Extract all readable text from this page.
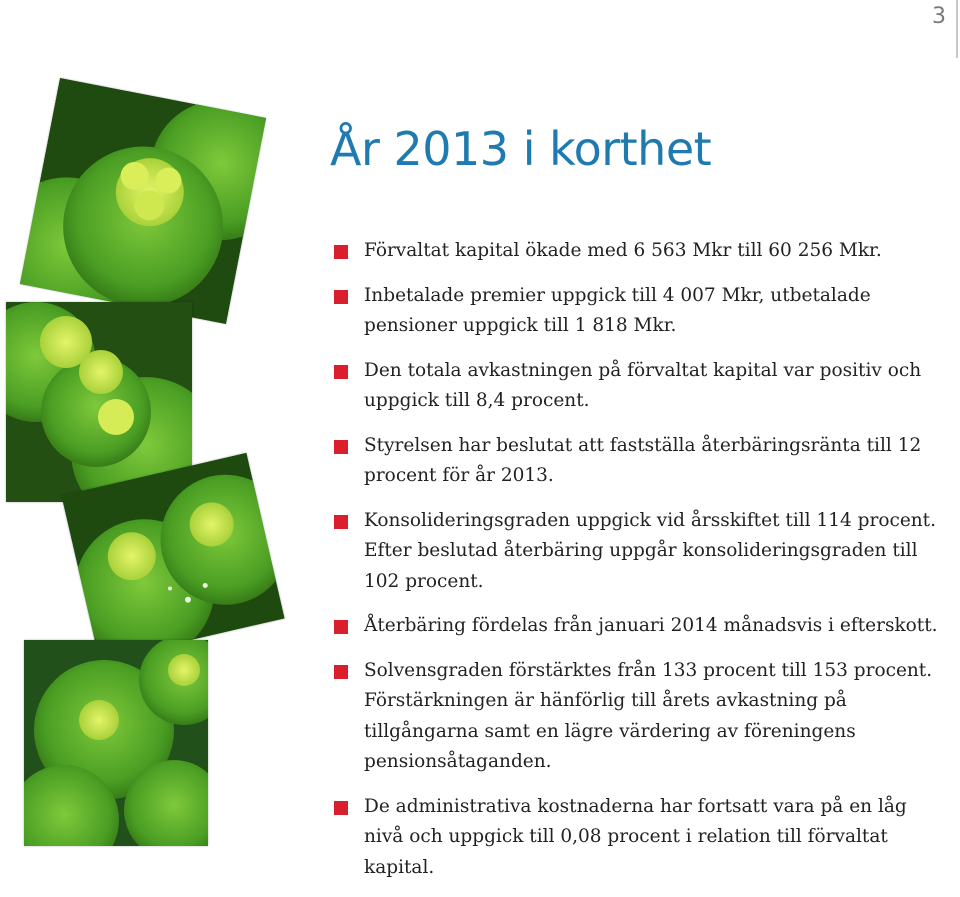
3
År 2013 i korthet
Förvaltat kapital ökade med 6 563 Mkr till 60 256 Mkr.
Inbetalade premier uppgick till 4 007 Mkr, utbetalade pensioner uppgick till 1 818 Mkr.
Den totala avkastningen på förvaltat kapital var positiv och uppgick till 8,4 procent.
Styrelsen har beslutat att fastställa återbäringsränta till 12 procent för år 2013.
Konsolideringsgraden uppgick vid årsskiftet till 114 procent. Efter beslutad återbäring uppgår konsolideringsgraden till 102 procent.
Återbäring fördelas från januari 2014 månadsvis i efterskott.
Solvensgraden förstärktes från 133 procent till 153 procent. Förstärkningen är hänförlig till årets avkastning på tillgångarna samt en lägre värdering av föreningens pensionsåtaganden.
De administrativa kostnaderna har fortsatt vara på en låg nivå och uppgick till 0,08 procent i relation till förvaltat kapital.
